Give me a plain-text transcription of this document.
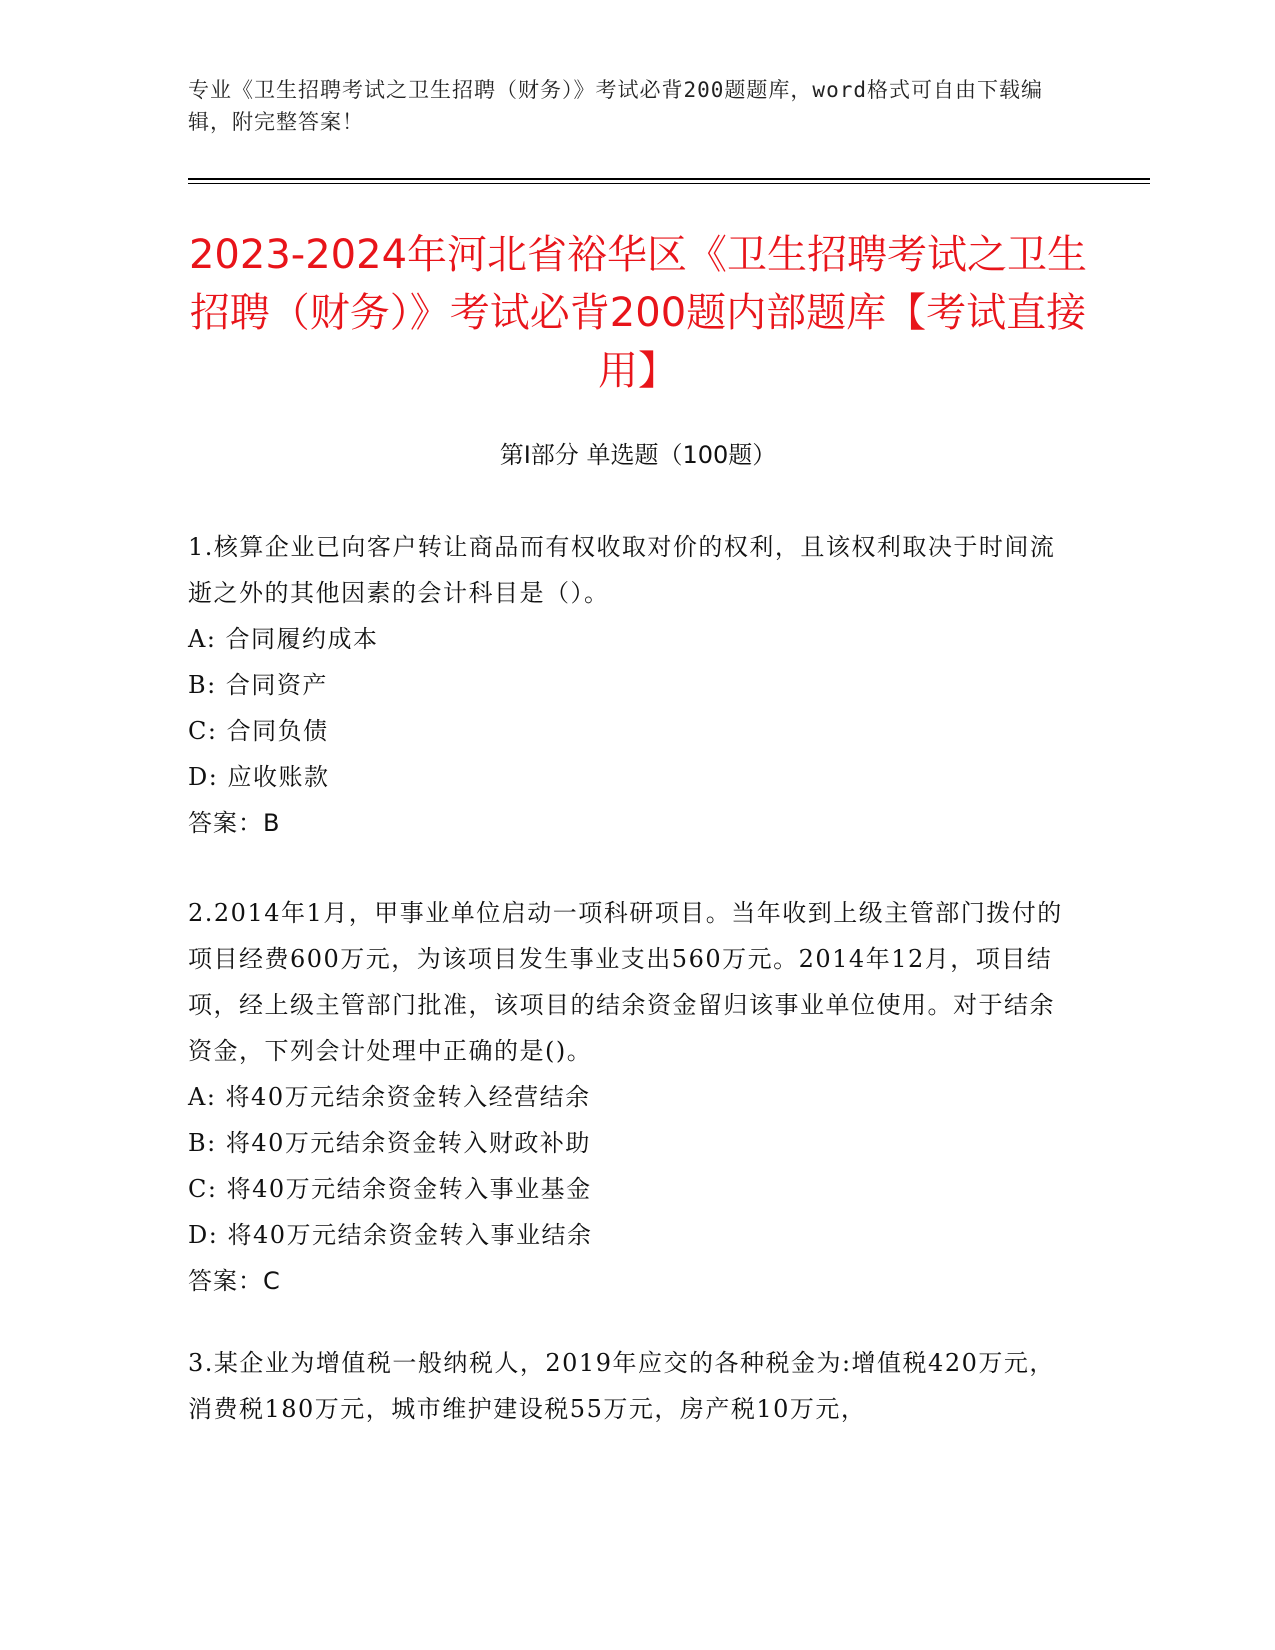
专业《卫生招聘考试之卫生招聘（财务）》考试必背200题题库，word格式可自由下载编辑，附完整答案！
2023-2024年河北省裕华区《卫生招聘考试之卫生招聘（财务）》考试必背200题内部题库【考试直接用】
第I部分 单选题（100题）
1.核算企业已向客户转让商品而有权收取对价的权利，且该权利取决于时间流逝之外的其他因素的会计科目是（）。
A: 合同履约成本
B: 合同资产
C: 合同负债
D: 应收账款
答案：B
2.2014年1月，甲事业单位启动一项科研项目。当年收到上级主管部门拨付的项目经费600万元，为该项目发生事业支出560万元。2014年12月，项目结项，经上级主管部门批准，该项目的结余资金留归该事业单位使用。对于结余资金，下列会计处理中正确的是()。
A: 将40万元结余资金转入经营结余
B: 将40万元结余资金转入财政补助
C: 将40万元结余资金转入事业基金
D: 将40万元结余资金转入事业结余
答案：C
3.某企业为增值税一般纳税人，2019年应交的各种税金为:增值税420万元，消费税180万元，城市维护建设税55万元，房产税10万元，
